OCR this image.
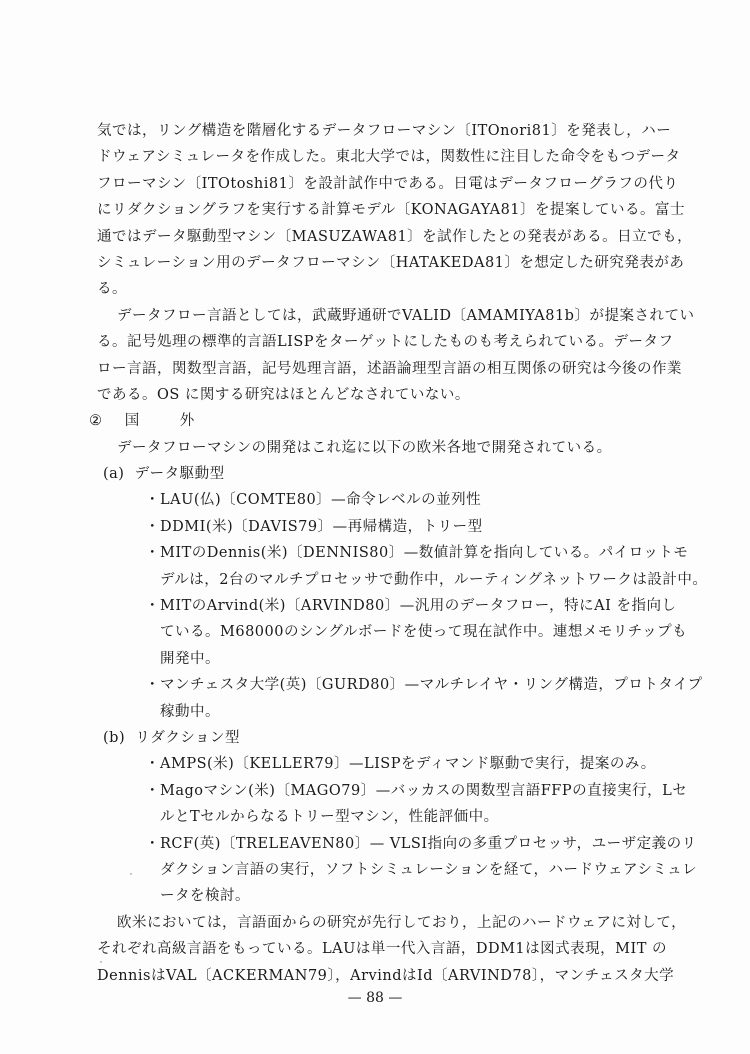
気では，リング構造を階層化するデータフローマシン〔ITOnori81〕を発表し，ハー
ドウェアシミュレータを作成した。東北大学では，関数性に注目した命令をもつデータ
フローマシン〔ITOtoshi81〕を設計試作中である。日電はデータフローグラフの代り
にリダクショングラフを実行する計算モデル〔KONAGAYA81〕を提案している。富士
通ではデータ駆動型マシン〔MASUZAWA81〕を試作したとの発表がある。日立でも，
シミュレーション用のデータフローマシン〔HATAKEDA81〕を想定した研究発表があ
る。
データフロー言語としては，武蔵野通研でVALID〔AMAMIYA81b〕が提案されてい
る。記号処理の標準的言語LISPをターゲットにしたものも考えられている。データフ
ロー言語，関数型言語，記号処理言語，述語論理型言語の相互関係の研究は今後の作業
である。OS に関する研究はほとんどなされていない。
② 国	外
データフローマシンの開発はこれ迄に以下の欧米各地で開発されている。
(a) データ駆動型
・LAU(仏)〔COMTE80〕—命令レベルの並列性
・DDMI(米)〔DAVIS79〕—再帰構造，トリー型
・MITのDennis(米)〔DENNIS80〕—数値計算を指向している。パイロットモ
デルは，2台のマルチプロセッサで動作中，ルーティングネットワークは設計中。
・MITのArvind(米)〔ARVIND80〕—汎用のデータフロー，特にAI を指向し
ている。M68000のシングルボードを使って現在試作中。連想メモリチップも
開発中。
・マンチェスタ大学(英)〔GURD80〕—マルチレイヤ・リング構造，プロトタイプ
稼動中。
(b) リダクション型
・AMPS(米)〔KELLER79〕—LISPをディマンド駆動で実行，提案のみ。
・Magoマシン(米)〔MAGO79〕—バッカスの関数型言語FFPの直接実行，Lセ
ルとTセルからなるトリー型マシン，性能評価中。
・RCF(英)〔TRELEAVEN80〕— VLSI指向の多重プロセッサ，ユーザ定義のリ
ダクション言語の実行，ソフトシミュレーションを経て，ハードウェアシミュレ
ータを検討。
欧米においては，言語面からの研究が先行しており，上記のハードウェアに対して，
それぞれ高級言語をもっている。LAUは単一代入言語，DDM1は図式表現，MIT の
DennisはVAL〔ACKERMAN79〕，ArvindはId〔ARVIND78〕，マンチェスタ大学
— 88 —
